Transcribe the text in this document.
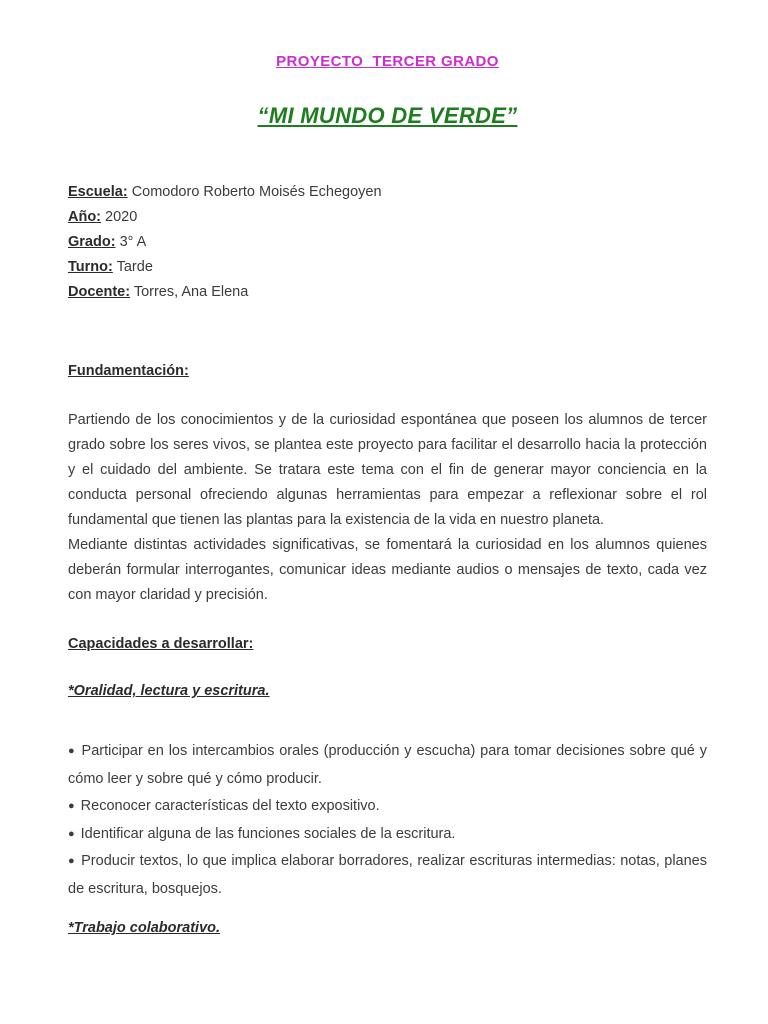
PROYECTO  TERCER GRADO
“MI MUNDO DE VERDE”
Escuela: Comodoro Roberto Moisés Echegoyen
Año: 2020
Grado: 3° A
Turno: Tarde
Docente: Torres, Ana Elena
Fundamentación:

Partiendo de los conocimientos y de la curiosidad espontánea que poseen los alumnos de tercer grado sobre los seres vivos, se plantea este proyecto para facilitar el desarrollo hacia la protección y el cuidado del ambiente. Se tratara este tema con el fin de generar mayor conciencia en la conducta personal ofreciendo algunas herramientas para empezar a reflexionar sobre el rol fundamental que tienen las plantas para la existencia de la vida en nuestro planeta.

Mediante distintas actividades significativas, se fomentará la curiosidad en los alumnos quienes deberán formular interrogantes, comunicar ideas mediante audios o mensajes de texto, cada vez con mayor claridad y precisión.

Capacidades a desarrollar:
*Oralidad, lectura y escritura.

● Participar en los intercambios orales (producción y escucha) para tomar decisiones sobre qué y cómo leer y sobre qué y cómo producir.

● Reconocer características del texto expositivo.

● Identificar alguna de las funciones sociales de la escritura.

● Producir textos, lo que implica elaborar borradores, realizar escrituras intermedias: notas, planes de escritura, bosquejos.

*Trabajo colaborativo.
